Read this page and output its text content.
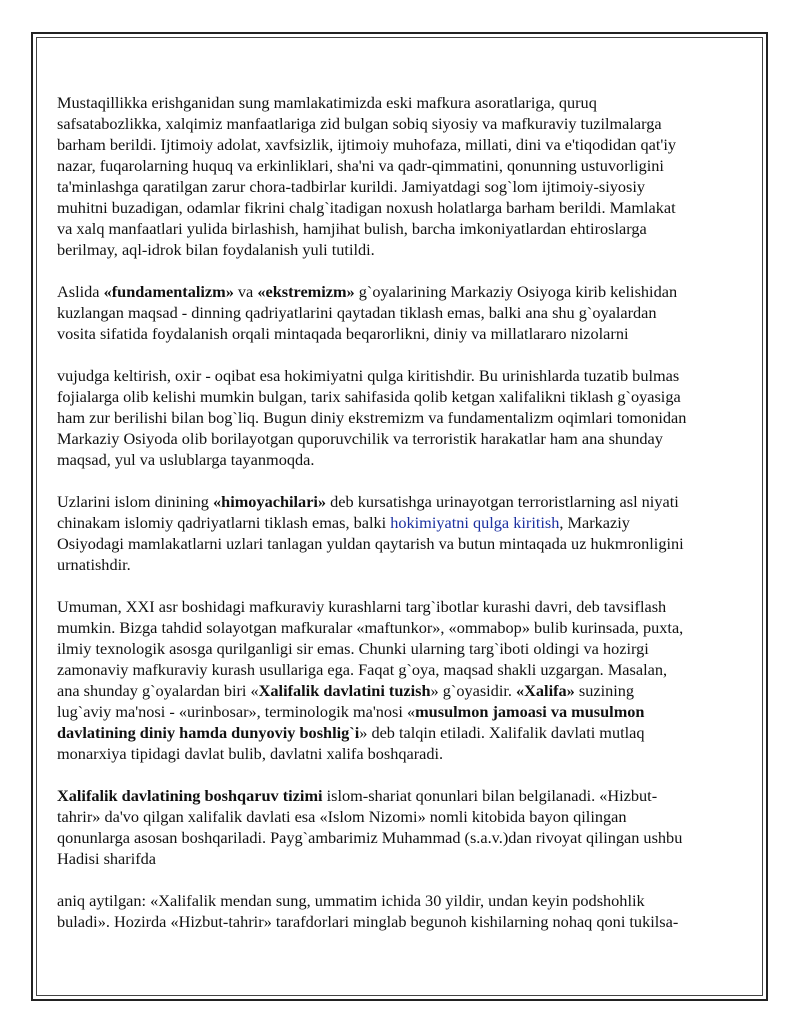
Mustaqillikka erishganidan sung mamlakatimizda eski mafkura asoratlariga, quruq
safsatabozlikka, xalqimiz manfaatlariga zid bulgan sobiq siyosiy va mafkuraviy tuzilmalarga
barham berildi. Ijtimoiy adolat, xavfsizlik, ijtimoiy muhofaza, millati, dini va e'tiqodidan qat'iy
nazar, fuqarolarning huquq va erkinliklari, sha'ni va qadr-qimmatini, qonunning ustuvorligini
ta'minlashga qaratilgan zarur chora-tadbirlar kurildi. Jamiyatdagi sog`lom ijtimoiy-siyosiy
muhitni buzadigan, odamlar fikrini chalg`itadigan noxush holatlarga barham berildi. Mamlakat
va xalq manfaatlari yulida birlashish, hamjihat bulish, barcha imkoniyatlardan ehtiroslarga
berilmay, aql-idrok bilan foydalanish yuli tutildi.
Aslida «fundamentalizm» va «ekstremizm» g`oyalarining Markaziy Osiyoga kirib kelishidan
kuzlangan maqsad - dinning qadriyatlarini qaytadan tiklash emas, balki ana shu g`oyalardan
vosita sifatida foydalanish orqali mintaqada beqarorlikni, diniy va millatlararo nizolarni
vujudga keltirish, oxir - oqibat esa hokimiyatni qulga kiritishdir. Bu urinishlarda tuzatib bulmas
fojialarga olib kelishi mumkin bulgan, tarix sahifasida qolib ketgan xalifalikni tiklash g`oyasiga
ham zur berilishi bilan bog`liq. Bugun diniy ekstremizm va fundamentalizm oqimlari tomonidan
Markaziy Osiyoda olib borilayotgan quporuvchilik va terroristik harakatlar ham ana shunday
maqsad, yul va uslublarga tayanmoqda.
Uzlarini islom dinining «himoyachilari» deb kursatishga urinayotgan terroristlarning asl niyati
chinakam islomiy qadriyatlarni tiklash emas, balki hokimiyatni qulga kiritish, Markaziy
Osiyodagi mamlakatlarni uzlari tanlagan yuldan qaytarish va butun mintaqada uz hukmronligini
urnatishdir.
Umuman, XXI asr boshidagi mafkuraviy kurashlarni targ`ibotlar kurashi davri, deb tavsiflash
mumkin. Bizga tahdid solayotgan mafkuralar «maftunkor», «ommabop» bulib kurinsada, puxta,
ilmiy texnologik asosga qurilganligi sir emas. Chunki ularning targ`iboti oldingi va hozirgi
zamonaviy mafkuraviy kurash usullariga ega. Faqat g`oya, maqsad shakli uzgargan. Masalan,
ana shunday g`oyalardan biri «Xalifalik davlatini tuzish» g`oyasidir. «Xalifa» suzining
lug`aviy ma'nosi - «urinbosar», terminologik ma'nosi «musulmon jamoasi va musulmon
davlatining diniy hamda dunyoviy boshlig`i» deb talqin etiladi. Xalifalik davlati mutlaq
monarxiya tipidagi davlat bulib, davlatni xalifa boshqaradi.
Xalifalik davlatining boshqaruv tizimi islom-shariat qonunlari bilan belgilanadi. «Hizbut-
tahrir» da'vo qilgan xalifalik davlati esa «Islom Nizomi» nomli kitobida bayon qilingan
qonunlarga asosan boshqariladi. Payg`ambarimiz Muhammad (s.a.v.)dan rivoyat qilingan ushbu
Hadisi sharifda
aniq aytilgan: «Xalifalik mendan sung, ummatim ichida 30 yildir, undan keyin podshohlik
buladi». Hozirda «Hizbut-tahrir» tarafdorlari minglab begunoh kishilarning nohaq qoni tukilsa-
